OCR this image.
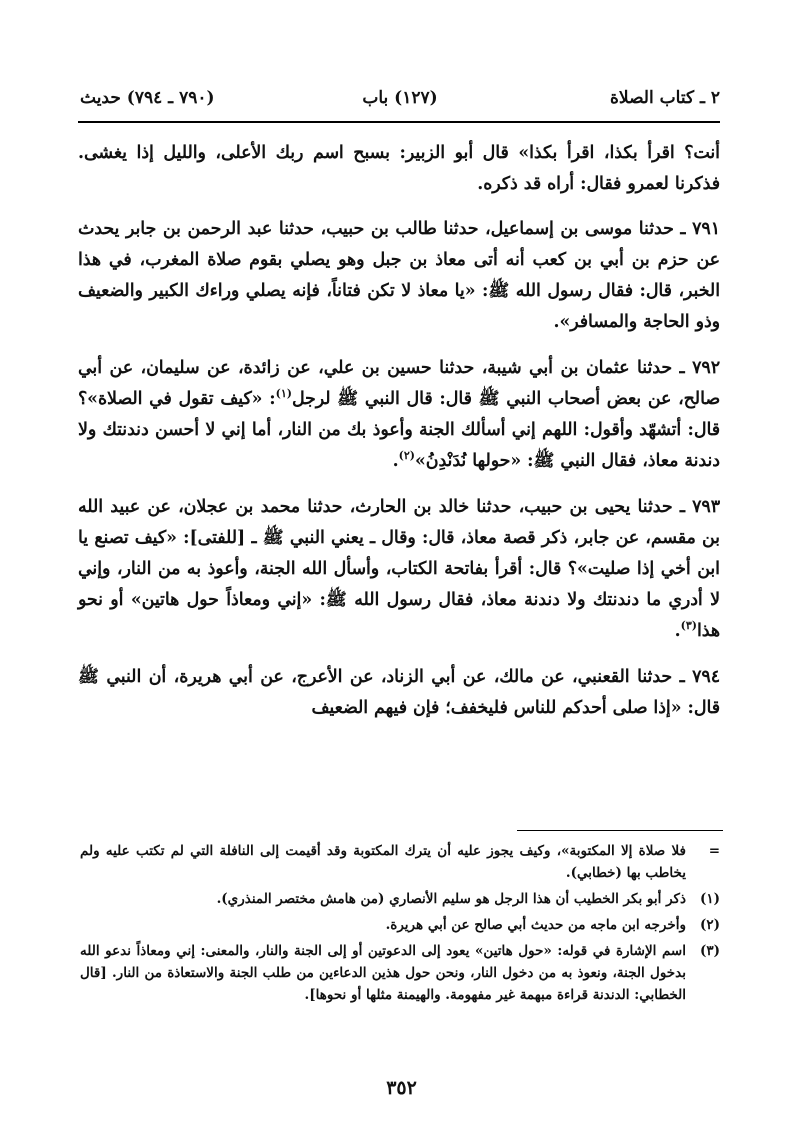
٢ ـ كتاب الصلاة
(١٢٧) باب
(٧٩٠ ـ ٧٩٤) حديث

أنت؟ اقرأ بكذا، اقرأ بكذا» قال أبو الزبير: بسبح اسم ربك الأعلى، والليل إذا يغشى. فذكرنا لعمرو فقال: أراه قد ذكره.

٧٩١ ـ حدثنا موسى بن إسماعيل، حدثنا طالب بن حبيب، حدثنا عبد الرحمن بن جابر يحدث عن حزم بن أبي بن كعب أنه أتى معاذ بن جبل وهو يصلي بقوم صلاة المغرب، في هذا الخبر، قال: فقال رسول الله ﷺ: «يا معاذ لا تكن فتاناً، فإنه يصلي وراءك الكبير والضعيف وذو الحاجة والمسافر».

٧٩٢ ـ حدثنا عثمان بن أبي شيبة، حدثنا حسين بن علي، عن زائدة، عن سليمان، عن أبي صالح، عن بعض أصحاب النبي ﷺ قال: قال النبي ﷺ لرجل$^{(١)}$: «كيف تقول في الصلاة»؟ قال: أتشهّد وأقول: اللهم إني أسألك الجنة وأعوذ بك من النار، أما إني لا أحسن دندنتك ولا دندنة معاذ، فقال النبي ﷺ: «حولها نُدَنْدِنُ»$^{(٢)}$.

٧٩٣ ـ حدثنا يحيى بن حبيب، حدثنا خالد بن الحارث، حدثنا محمد بن عجلان، عن عبيد الله بن مقسم، عن جابر، ذكر قصة معاذ، قال: وقال ـ يعني النبي ﷺ ـ [للفتى]: «كيف تصنع يا ابن أخي إذا صليت»؟ قال: أقرأ بفاتحة الكتاب، وأسأل الله الجنة، وأعوذ به من النار، وإني لا أدري ما دندنتك ولا دندنة معاذ، فقال رسول الله ﷺ: «إني ومعاذاً حول هاتين» أو نحو هذا$^{(٣)}$.

٧٩٤ ـ حدثنا القعنبي، عن مالك، عن أبي الزناد، عن الأعرج، عن أبي هريرة، أن النبي ﷺ قال: «إذا صلى أحدكم للناس فليخفف؛ فإن فيهم الضعيف

=
فلا صلاة إلا المكتوبة»، وكيف يجوز عليه أن يترك المكتوبة وقد أقيمت إلى النافلة التي لم تكتب عليه ولم يخاطب بها (خطابي).
(١)
ذكر أبو بكر الخطيب أن هذا الرجل هو سليم الأنصاري (من هامش مختصر المنذري).
(٢)
وأخرجه ابن ماجه من حديث أبي صالح عن أبي هريرة.
(٣)
اسم الإشارة في قوله: «حول هاتين» يعود إلى الدعوتين أو إلى الجنة والنار، والمعنى: إني ومعاذاً ندعو الله بدخول الجنة، ونعوذ به من دخول النار، ونحن حول هذين الدعاءين من طلب الجنة والاستعاذة من النار. [قال الخطابي: الدندنة قراءة مبهمة غير مفهومة. والهيمنة مثلها أو نحوها].
٣٥٢
